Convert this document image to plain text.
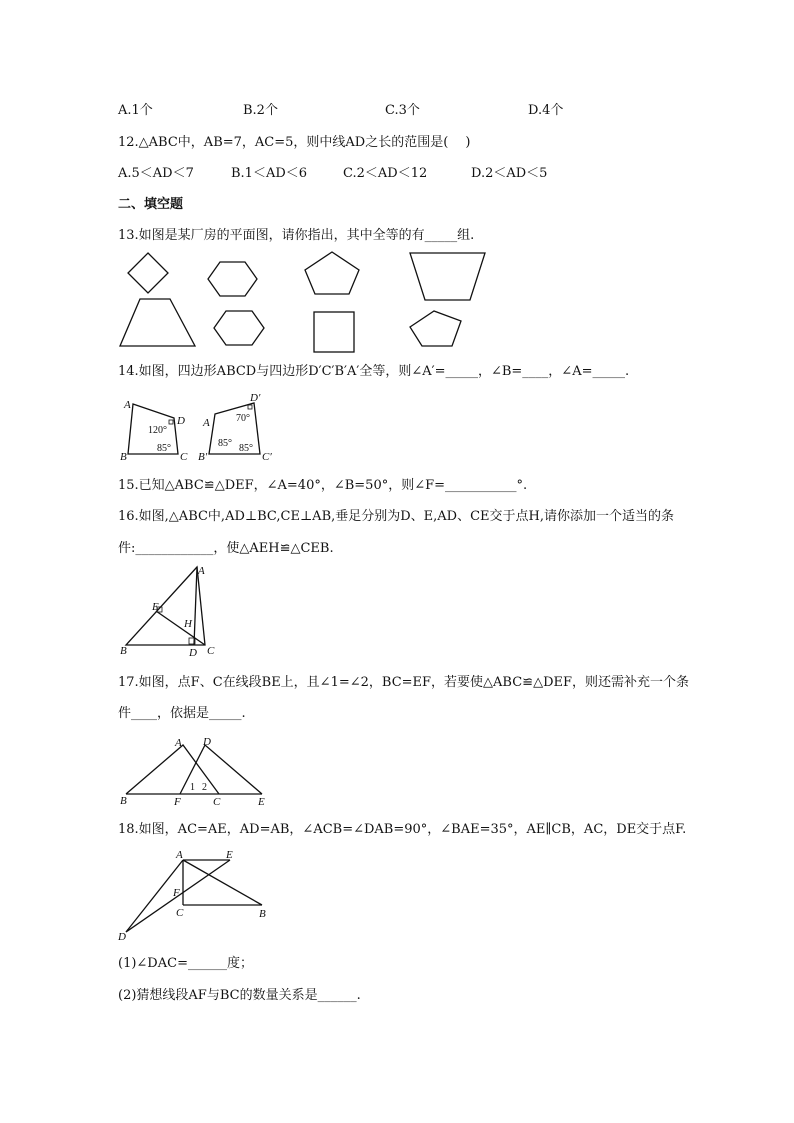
A.1个	B.2个	C.3个	D.4个
12.△ABC中，AB=7，AC=5，则中线AD之长的范围是(　 )
A.5＜AD＜7	B.1＜AD＜6	C.2＜AD＜12	D.2＜AD＜5
二、填空题
13.如图是某厂房的平面图，请你指出，其中全等的有_____组.
14.如图，四边形ABCD与四边形D′C′B′A′全等，则∠A′=_____，∠B=____，∠A=_____.
A
D
B	C
120°
85°
D′
A
B′	C′
70°
85° 85°
15.已知△ABC≌△DEF，∠A=40°，∠B=50°，则∠F=___________°.
16.如图,△ABC中,AD⊥BC,CE⊥AB,垂足分别为D、E,AD、CE交于点H,请你添加一个适当的条
件:____________，使△AEH≌△CEB.
A
E
H
B	D C
17.如图，点F、C在线段BE上，且∠1=∠2，BC=EF，若要使△ABC≌△DEF，则还需补充一个条
件____，依据是_____.
A D
B	F	C	E
1 2
18.如图，AC=AE，AD=AB，∠ACB=∠DAB=90°，∠BAE=35°，AE∥CB，AC，DE交于点F.
A	E
F
C	B
D
(1)∠DAC=______度；
(2)猜想线段AF与BC的数量关系是______.
